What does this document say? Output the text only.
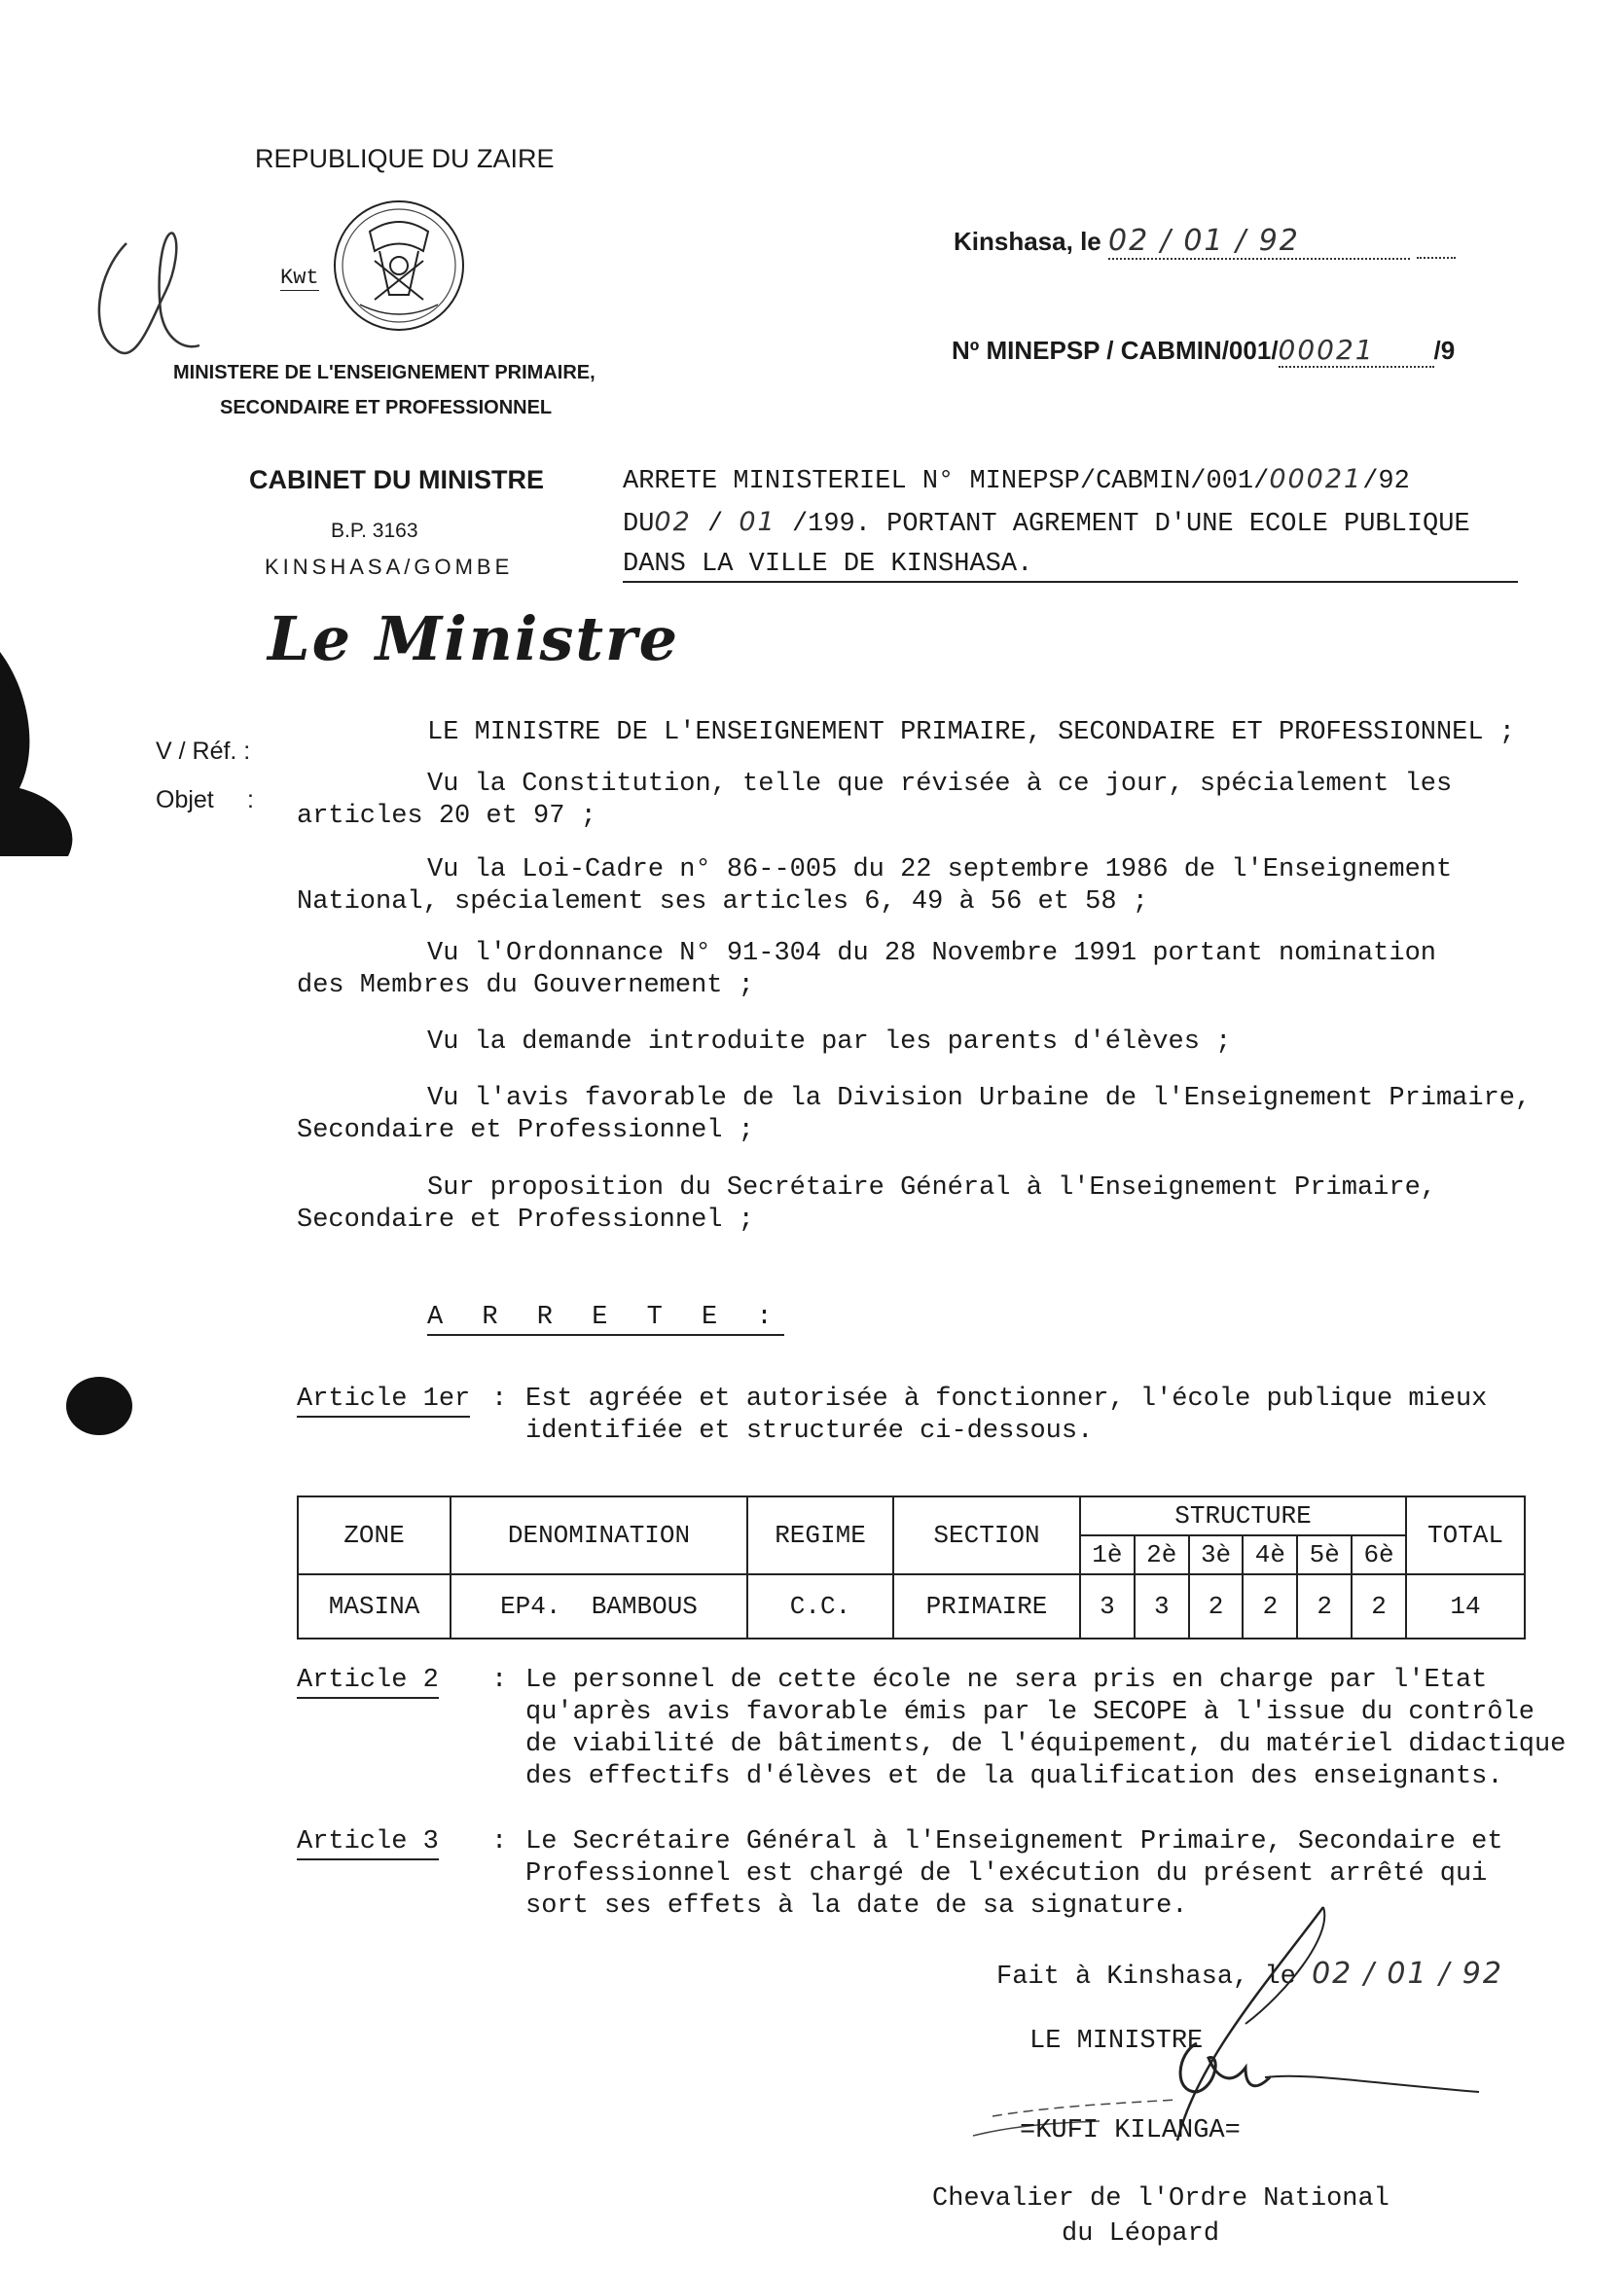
REPUBLIQUE DU ZAIRE
Kwt
MINISTERE DE L'ENSEIGNEMENT PRIMAIRE,
SECONDAIRE ET PROFESSIONNEL
CABINET DU MINISTRE
B.P. 3163
KINSHASA/GOMBE
Le Ministre
Kinshasa, le 02 / 01 / 92
Nº MINEPSP / CABMIN/001/00021 /9
ARRETE MINISTERIEL N° MINEPSP/CABMIN/001/00021/92
DU02 / 01 /199. PORTANT AGREMENT D'UNE ECOLE PUBLIQUE
DANS LA VILLE DE KINSHASA.
V / Réf. :
Objet :
LE MINISTRE DE L'ENSEIGNEMENT PRIMAIRE, SECONDAIRE ET PROFESSIONNEL ;
Vu la Constitution, telle que révisée à ce jour, spécialement les
articles 20 et 97 ;
Vu la Loi-Cadre n° 86--005 du 22 septembre 1986 de l'Enseignement
National, spécialement ses articles 6, 49 à 56 et 58 ;
Vu l'Ordonnance N° 91-304 du 28 Novembre 1991 portant nomination
des Membres du Gouvernement ;
Vu la demande introduite par les parents d'élèves ;
Vu l'avis favorable de la Division Urbaine de l'Enseignement Primaire,
Secondaire et Professionnel ;
Sur proposition du Secrétaire Général à l'Enseignement Primaire,
Secondaire et Professionnel ;
A R R E T E :
Article 1er : Est agréée et autorisée à fonctionner, l'école publique mieux
identifiée et structurée ci-dessous.
ZONE	DENOMINATION	REGIME	SECTION	STRUCTURE						TOTAL
				1è	2è	3è	4è	5è	6è	
MASINA	EP4.  BAMBOUS	C.C.	PRIMAIRE	3	3	2	2	2	2	14
Article 2 : Le personnel de cette école ne sera pris en charge par l'Etat
qu'après avis favorable émis par le SECOPE à l'issue du contrôle
de viabilité de bâtiments, de l'équipement, du matériel didactique
des effectifs d'élèves et de la qualification des enseignants.
Article 3 : Le Secrétaire Général à l'Enseignement Primaire, Secondaire et
Professionnel est chargé de l'exécution du présent arrêté qui
sort ses effets à la date de sa signature.
Fait à Kinshasa, le 02 / 01 / 92
LE MINISTRE
=KUFI KILANGA=
Chevalier de l'Ordre National
du Léopard
